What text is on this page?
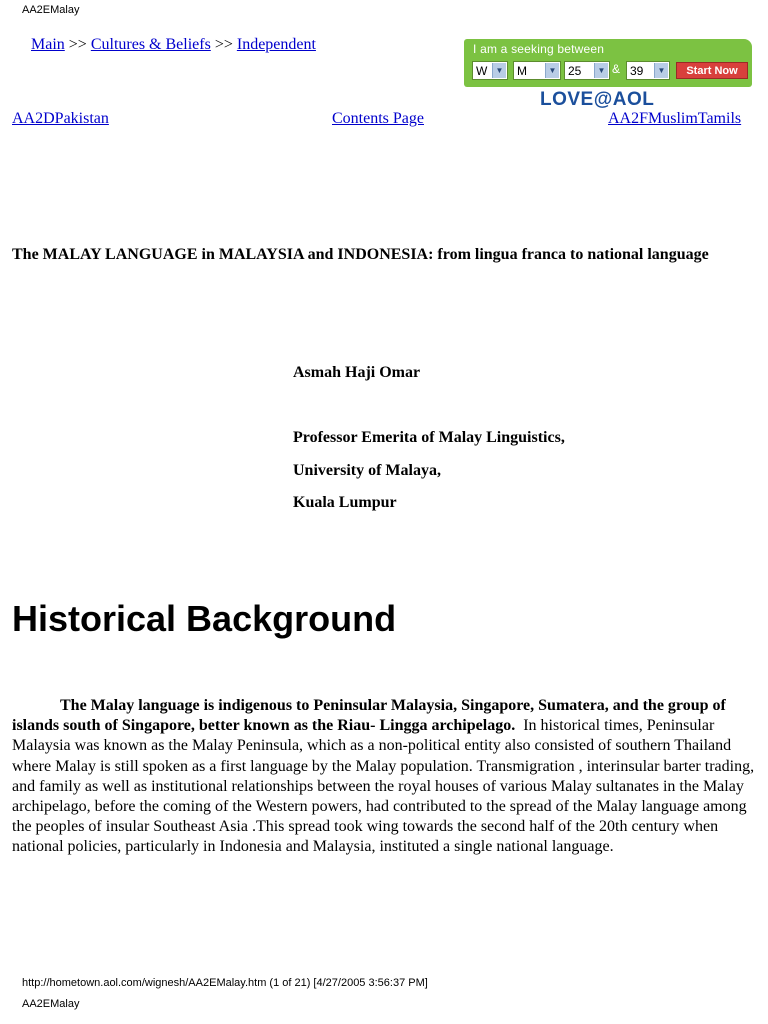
AA2EMalay
Main >> Cultures & Beliefs >> Independent	I am a seeking between
W	▼	M	▼ 25	▼ & 39	▼	Start Now
LOVE@AOL
AA2DPakistan	Contents Page	AA2FMuslimTamils
The MALAY LANGUAGE in MALAYSIA and INDONESIA: from lingua franca to national language
Asmah Haji Omar
Professor Emerita of Malay Linguistics,
University of Malaya,
Kuala Lumpur
Historical Background
The Malay language is indigenous to Peninsular Malaysia, Singapore, Sumatera, and the group of islands south of Singapore, better known as the Riau- Lingga archipelago. In historical times, Peninsular Malaysia was known as the Malay Peninsula, which as a non-political entity also consisted of southern Thailand where Malay is still spoken as a first language by the Malay population. Transmigration , interinsular barter trading, and family as well as institutional relationships between the royal houses of various Malay sultanates in the Malay archipelago, before the coming of the Western powers, had contributed to the spread of the Malay language among the peoples of insular Southeast Asia .This spread took wing towards the second half of the 20th century when national policies, particularly in Indonesia and Malaysia, instituted a single national language.
http://hometown.aol.com/wignesh/AA2EMalay.htm (1 of 21) [4/27/2005 3:56:37 PM]
AA2EMalay
